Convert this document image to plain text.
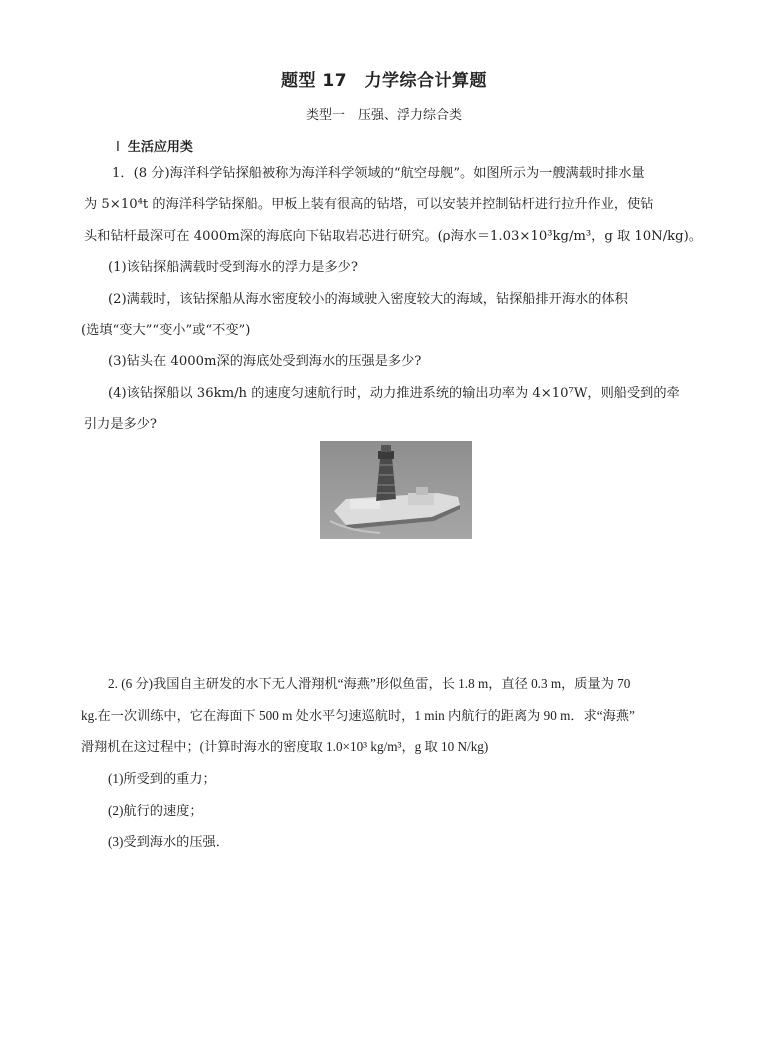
题型 17　力学综合计算题
类型一　压强、浮力综合类
Ⅰ 生活应用类
1．(8 分)海洋科学钻探船被称为海洋科学领域的“航空母舰”。如图所示为一艘满载时排水量
为 5×10⁴t 的海洋科学钻探船。甲板上装有很高的钻塔，可以安装并控制钻杆进行拉升作业，使钻
头和钻杆最深可在 4000m深的海底向下钻取岩芯进行研究。(ρ海水＝1.03×10³kg/m³，g 取 10N/kg)。
(1)该钻探船满载时受到海水的浮力是多少?
(2)满载时，该钻探船从海水密度较小的海域驶入密度较大的海域，钻探船排开海水的体积
(选填“变大”“变小”或“不变”)
(3)钻头在 4000m深的海底处受到海水的压强是多少?
(4)该钻探船以 36km/h 的速度匀速航行时，动力推进系统的输出功率为 4×10⁷W，则船受到的牵
引力是多少?
2. (6 分)我国自主研发的水下无人滑翔机“海燕”形似鱼雷，长 1.8 m，直径 0.3 m，质量为 70
kg.在一次训练中，它在海面下 500 m 处水平匀速巡航时，1 min 内航行的距离为 90 m．求“海燕”
滑翔机在这过程中；(计算时海水的密度取 1.0×10³ kg/m³，g 取 10 N/kg)
(1)所受到的重力；
(2)航行的速度；
(3)受到海水的压强．
